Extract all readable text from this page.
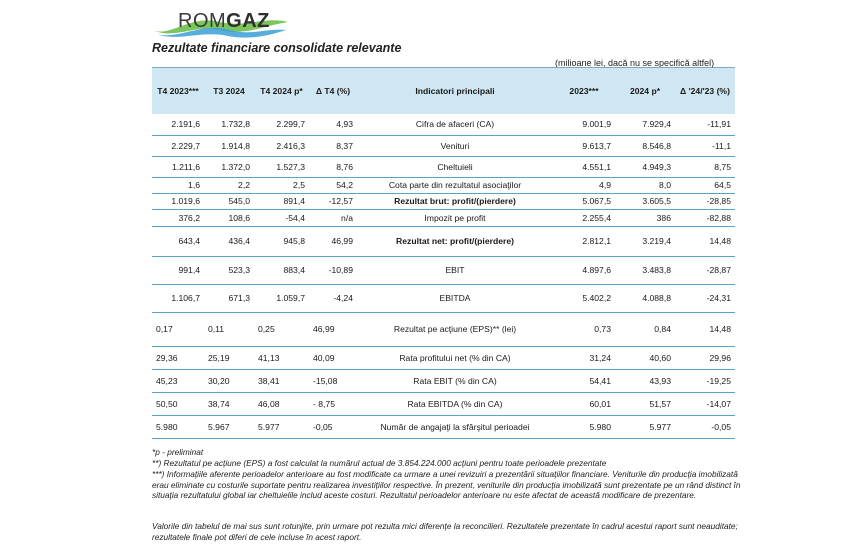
ROMGAZ
Rezultate financiare consolidate relevante
(milioane lei, dacă nu se specifică altfel)
T4 2023***	T3 2024	T4 2024 p*	Δ T4 (%)	Indicatori principali	2023***	2024 p*	Δ '24/'23 (%)
2.191,6	1.732,8	2.299,7	4,93	Cifra de afaceri (CA)	9.001,9	7.929,4	-11,91
2.229,7	1.914,8	2.416,3	8,37	Venituri	9.613,7	8.546,8	-11,1
1.211,6	1.372,0	1.527,3	8,76	Cheltuieli	4.551,1	4.949,3	8,75
1,6	2,2	2,5	54,2	Cota parte din rezultatul asociaţilor	4,9	8,0	64,5
1.019,6	545,0	891,4	-12,57	Rezultat brut: profit/(pierdere)	5.067,5	3.605,5	-28,85
376,2	108,6	-54,4	n/a	Impozit pe profit	2.255,4	386	-82,88
643,4	436,4	945,8	46,99	Rezultat net: profit/(pierdere)	2.812,1	3.219,4	14,48
991,4	523,3	883,4	-10,89	EBIT	4.897,6	3.483,8	-28,87
1.106,7	671,3	1.059,7	-4,24	EBITDA	5.402,2	4.088,8	-24,31
0,17	0,11	0,25	46,99	Rezultat pe acţiune (EPS)** (lei)	0,73	0,84	14,48
29,36	25,19	41,13	40,09	Rata profitului net (% din CA)	31,24	40,60	29,96
45,23	30,20	38,41	-15,08	Rata EBIT (% din CA)	54,41	43,93	-19,25
50,50	38,74	46,08	- 8,75	Rata EBITDA (% din CA)	60,01	51,57	-14,07
5.980	5.967	5.977	-0,05	Număr de angajaţi la sfârşitul perioadei	5.980	5.977	-0,05
*p - preliminat
**) Rezultatul pe acţiune (EPS) a fost calculat la numărul actual de 3.854.224.000 acţiuni pentru toate perioadele prezentate
***) Informaţiile aferente perioadelor anterioare au fost modificate ca urmare a unei revizuiri a prezentării situaţiilor financiare. Veniturile din producţia imobilizată erau eliminate cu costurile suportate pentru realizarea investiţiilor respective. În prezent, veniturile din producţia imobilizată sunt prezentate pe un rând distinct în situaţia rezultatului global iar cheltuielile includ aceste costuri. Rezultatul perioadelor anterioare nu este afectat de această modificare de prezentare.
Valorile din tabelul de mai sus sunt rotunjite, prin urmare pot rezulta mici diferenţe la reconcilieri. Rezultatele prezentate în cadrul acestui raport sunt neauditate; rezultatele finale pot diferi de cele incluse în acest raport.
